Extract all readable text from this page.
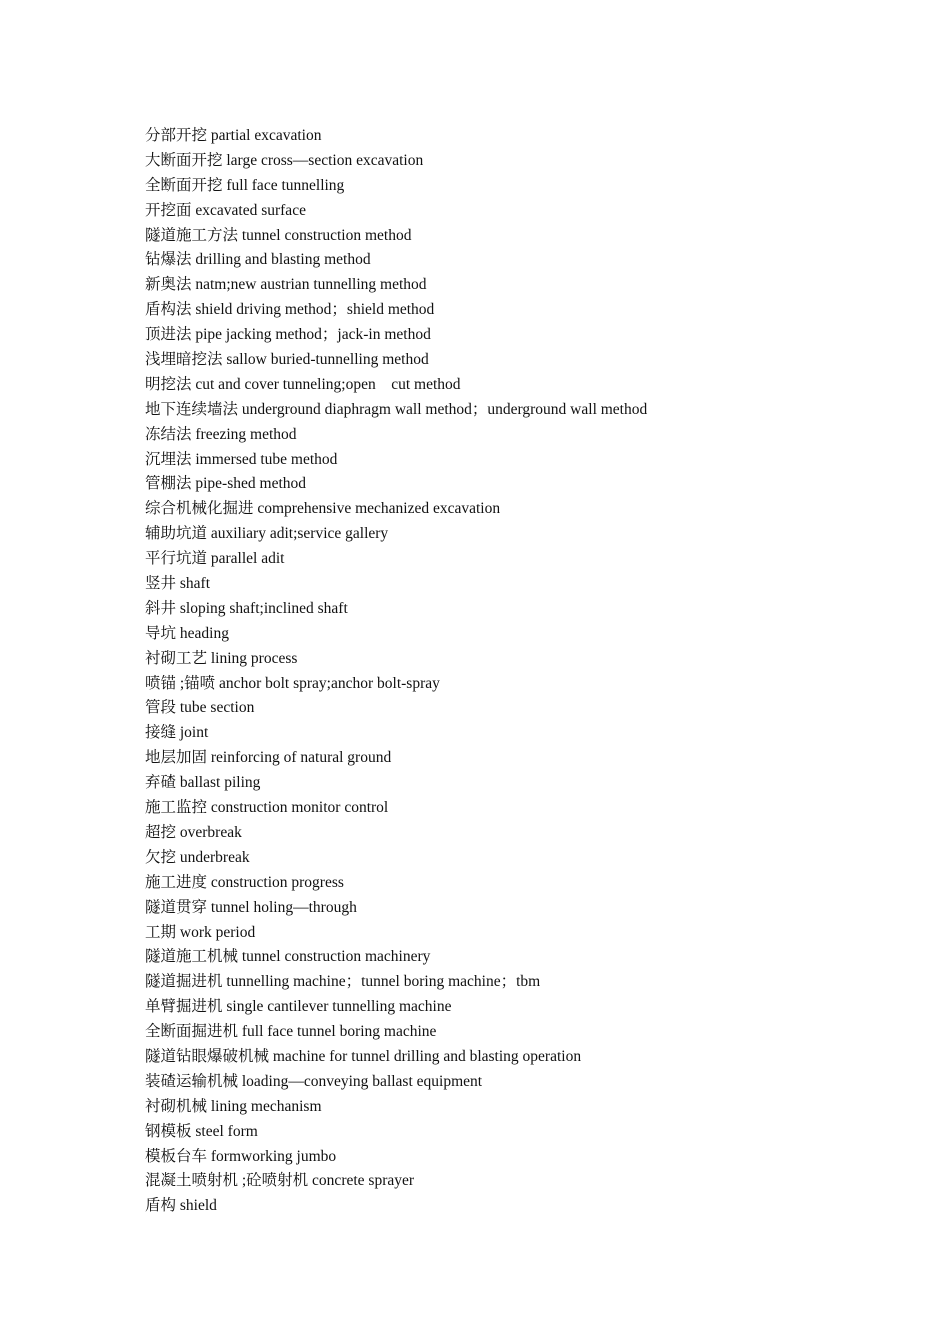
分部开挖 partial excavation
大断面开挖 large cross—section excavation
全断面开挖 full face tunnelling
开挖面 excavated surface
隧道施工方法 tunnel construction method
钻爆法 drilling and blasting method
新奥法 natm;new austrian tunnelling method
盾构法 shield driving method；shield method
顶进法 pipe jacking method；jack-in method
浅埋暗挖法 sallow buried-tunnelling method
明挖法 cut and cover tunneling;open    cut method
地下连续墙法 underground diaphragm wall method；underground wall method
冻结法 freezing method
沉埋法 immersed tube method
管棚法 pipe-shed method
综合机械化掘进 comprehensive mechanized excavation
辅助坑道 auxiliary adit;service gallery
平行坑道 parallel adit
竖井 shaft
斜井 sloping shaft;inclined shaft
导坑 heading
衬砌工艺 lining process
喷锚 ;锚喷 anchor bolt spray;anchor bolt-spray
管段 tube section
接缝 joint
地层加固 reinforcing of natural ground
弃碴 ballast piling
施工监控 construction monitor control
超挖 overbreak
欠挖 underbreak
施工进度 construction progress
隧道贯穿 tunnel holing—through
工期 work period
隧道施工机械 tunnel construction machinery
隧道掘进机 tunnelling machine；tunnel boring machine；tbm
单臂掘进机 single cantilever tunnelling machine
全断面掘进机 full face tunnel boring machine
隧道钻眼爆破机械 machine for tunnel drilling and blasting operation
装碴运输机械 loading—conveying ballast equipment
衬砌机械 lining mechanism
钢模板 steel form
模板台车 formworking jumbo
混凝土喷射机 ;砼喷射机 concrete sprayer
盾构 shield
